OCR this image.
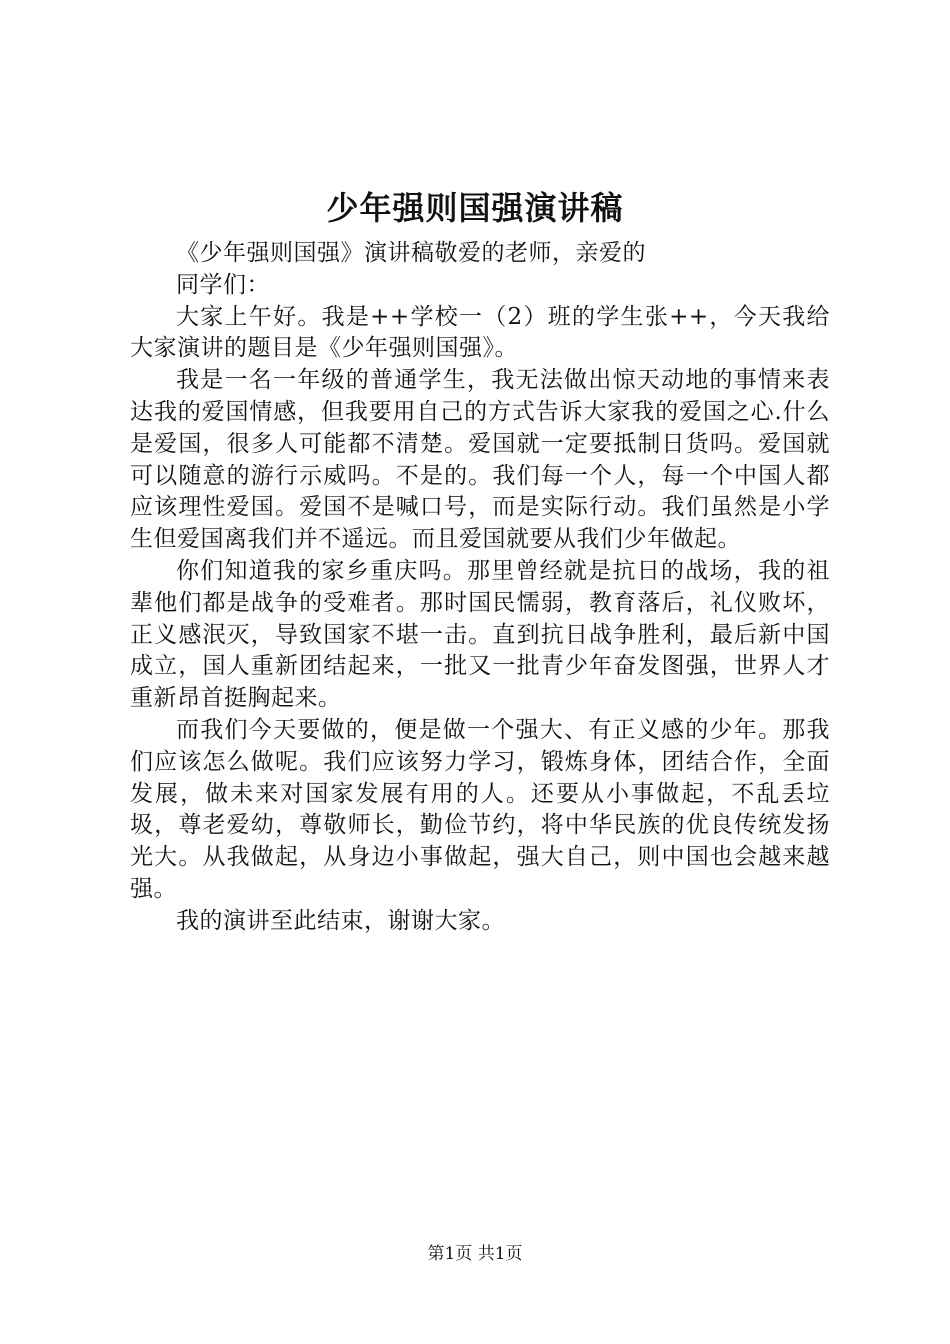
少年强则国强演讲稿

《少年强则国强》演讲稿敬爱的老师，亲爱的

同学们：

大家上午好。我是++学校一（2）班的学生张++，今天我给大家演讲的题目是《少年强则国强》。

我是一名一年级的普通学生，我无法做出惊天动地的事情来表达我的爱国情感，但我要用自己的方式告诉大家我的爱国之心.什么是爱国，很多人可能都不清楚。爱国就一定要抵制日货吗。爱国就可以随意的游行示威吗。不是的。我们每一个人，每一个中国人都应该理性爱国。爱国不是喊口号，而是实际行动。我们虽然是小学生但爱国离我们并不遥远。而且爱国就要从我们少年做起。

你们知道我的家乡重庆吗。那里曾经就是抗日的战场，我的祖辈他们都是战争的受难者。那时国民懦弱，教育落后，礼仪败坏，正义感泯灭，导致国家不堪一击。直到抗日战争胜利，最后新中国成立，国人重新团结起来，一批又一批青少年奋发图强，世界人才重新昂首挺胸起来。

而我们今天要做的，便是做一个强大、有正义感的少年。那我们应该怎么做呢。我们应该努力学习，锻炼身体，团结合作，全面发展，做未来对国家发展有用的人。还要从小事做起，不乱丢垃圾，尊老爱幼，尊敬师长，勤俭节约，将中华民族的优良传统发扬光大。从我做起，从身边小事做起，强大自己，则中国也会越来越强。

我的演讲至此结束，谢谢大家。

第1页 共1页
